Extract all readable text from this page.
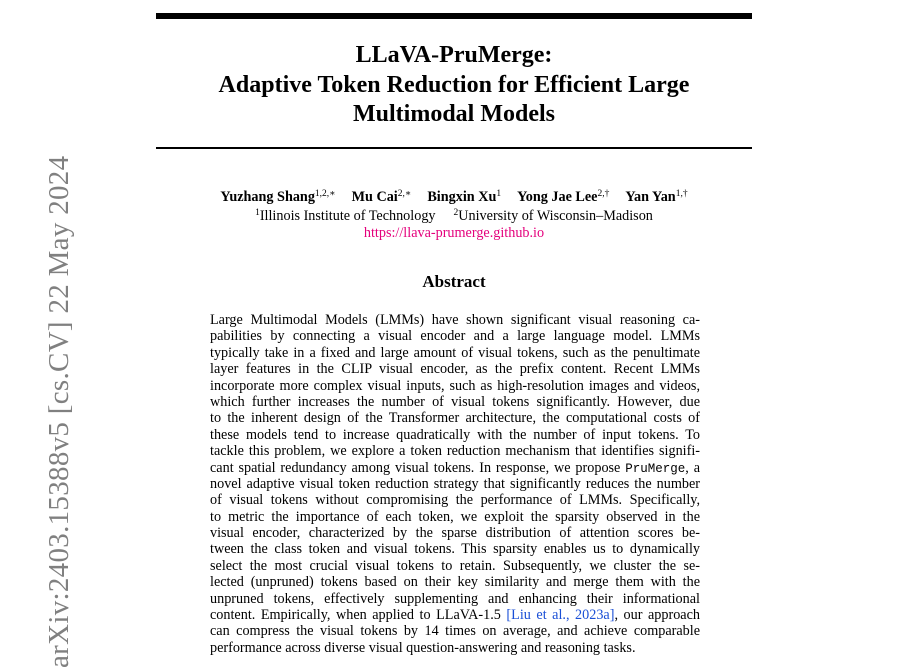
LLaVA-PruMerge:
Adaptive Token Reduction for Efficient Large
Multimodal Models
Yuzhang Shang$^{1,2,∗}$ Mu Cai$^{2,∗}$ Bingxin Xu$^1$ Yong Jae Lee$^{2,\dagger}$ Yan Yan$^{1,\dagger}$
$^1$Illinois Institute of Technology $^2$University of Wisconsin–Madison
https://llava-prumerge.github.io
Abstract
Large Multimodal Models (LMMs) have shown significant visual reasoning ca-
pabilities by connecting a visual encoder and a large language model. LMMs
typically take in a fixed and large amount of visual tokens, such as the penultimate
layer features in the CLIP visual encoder, as the prefix content. Recent LMMs
incorporate more complex visual inputs, such as high-resolution images and videos,
which further increases the number of visual tokens significantly. However, due
to the inherent design of the Transformer architecture, the computational costs of
these models tend to increase quadratically with the number of input tokens. To
tackle this problem, we explore a token reduction mechanism that identifies signifi-
cant spatial redundancy among visual tokens. In response, we propose PruMerge, a
novel adaptive visual token reduction strategy that significantly reduces the number
of visual tokens without compromising the performance of LMMs. Specifically,
to metric the importance of each token, we exploit the sparsity observed in the
visual encoder, characterized by the sparse distribution of attention scores be-
tween the class token and visual tokens. This sparsity enables us to dynamically
select the most crucial visual tokens to retain. Subsequently, we cluster the se-
lected (unpruned) tokens based on their key similarity and merge them with the
unpruned tokens, effectively supplementing and enhancing their informational
content. Empirically, when applied to LLaVA-1.5 [Liu et al., 2023a], our approach
can compress the visual tokens by 14 times on average, and achieve comparable
performance across diverse visual question-answering and reasoning tasks.
arXiv:2403.15388v5 [cs.CV] 22 May 2024
